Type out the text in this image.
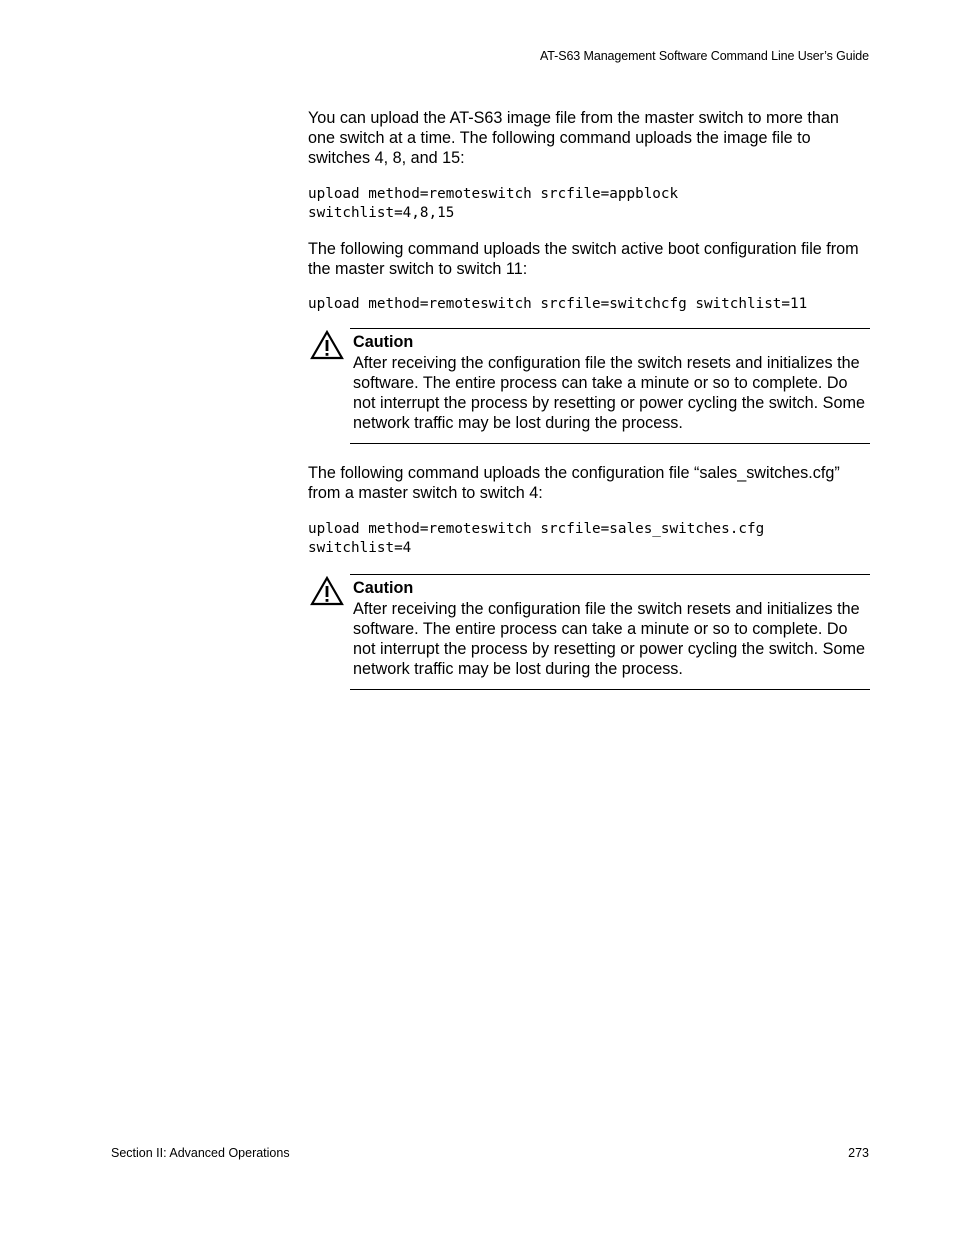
AT-S63 Management Software Command Line User’s Guide

You can upload the AT-S63 image file from the master switch to more than one switch at a time. The following command uploads the image file to switches 4, 8, and 15:

upload method=remoteswitch srcfile=appblock
switchlist=4,8,15

The following command uploads the switch active boot configuration file from the master switch to switch 11:

upload method=remoteswitch srcfile=switchcfg switchlist=11
Caution
After receiving the configuration file the switch resets and initializes the software. The entire process can take a minute or so to complete. Do not interrupt the process by resetting or power cycling the switch. Some network traffic may be lost during the process.

The following command uploads the configuration file “sales_switches.cfg” from a master switch to switch 4:

upload method=remoteswitch srcfile=sales_switches.cfg
switchlist=4
Caution
After receiving the configuration file the switch resets and initializes the software. The entire process can take a minute or so to complete. Do not interrupt the process by resetting or power cycling the switch. Some network traffic may be lost during the process.
Section II: Advanced Operations	273
